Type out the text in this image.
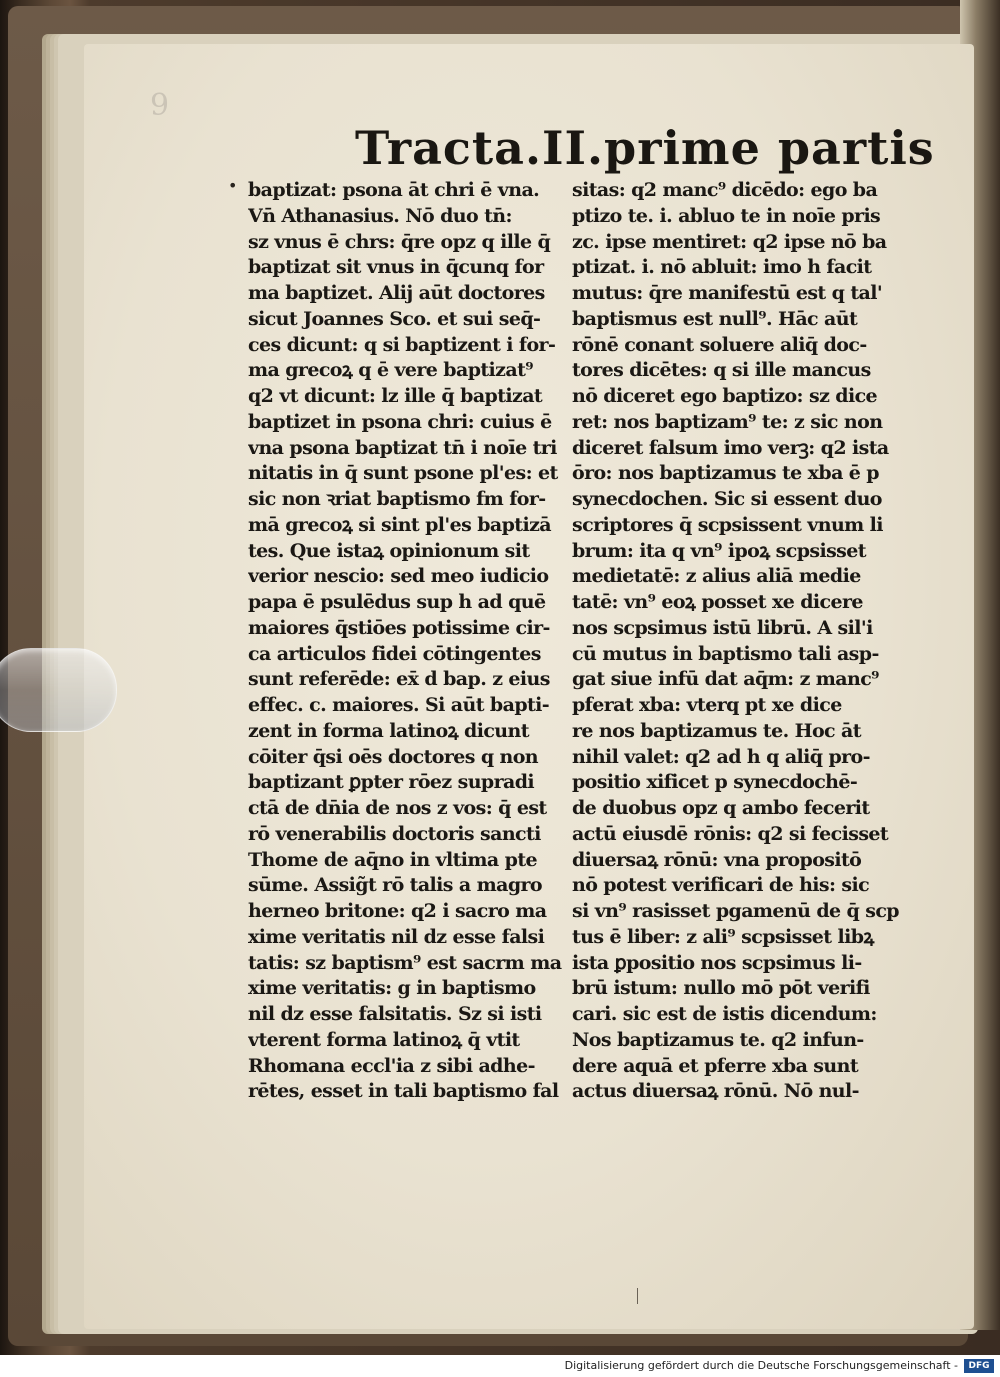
9
Tracta.II.prime partis
• baptizat: psona āt chri ē vna.
Vn̄ Athanasius. Nō duo tn̄:
sz vnus ē chrs: q̄re opz q ille q̄
baptizat sit vnus in q̄cunq for
ma baptizet. Alij aūt doctores
sicut Joannes Sco. et sui seq̄-
ces dicunt: q si baptizent i for-
ma grecoꝝ q ē vere baptizat⁹
q2 vt dicunt: lz ille q̄ baptizat
baptizet in psona chri: cuius ē
vna psona baptizat tn̄ i noīe tri
nitatis in q̄ sunt psone pl'es: et
sic non ꝛriat baptismo fm for-
mā grecoꝝ si sint pl'es baptizā
tes. Que istaꝝ opinionum sit
verior nescio: sed meo iudicio
papa ē psulēdus sup h ad quē
maiores q̄stiōes potissime cir-
ca articulos fidei cōtingentes
sunt referēde: ex̄ d bap. z eius
effec. c. maiores. Si aūt bapti-
zent in forma latinoꝝ dicunt
cōiter q̄si oēs doctores q non
baptizant ꝑpter rōez supradi
ctā de dn̄ia de nos z vos: q̄ est
rō venerabilis doctoris sancti
Thome de aq̄no in vltima pte
sūme. Assig̃t rō talis a magro
herneo britone: q2 i sacro ma
xime veritatis nil dz esse falsi
tatis: sz baptism⁹ est sacrm ma
xime veritatis: g in baptismo
nil dz esse falsitatis. Sz si isti
vterent forma latinoꝝ q̄ vtit
Rhomana eccl'ia z sibi adhe-
rētes, esset in tali baptismo fal
sitas: q2 manc⁹ dicēdo: ego ba
ptizo te. i. abluo te in noīe pris
zc. ipse mentiret: q2 ipse nō ba
ptizat. i. nō abluit: imo h facit
mutus: q̄re manifestū est q tal'
baptismus est null⁹. Hāc aūt
rōnē conant soluere aliq̄ doc-
tores dicētes: q si ille mancus
nō diceret ego baptizo: sz dice
ret: nos baptizam⁹ te: z sic non
diceret falsum imo verꝫ: q2 ista
ōro: nos baptizamus te xba ē p
synecdochen. Sic si essent duo
scriptores q̄ scpsissent vnum li
brum: ita q vn⁹ ipoꝝ scpsisset
medietatē: z alius aliā medie
tatē: vn⁹ eoꝝ posset xe dicere
nos scpsimus istū librū. A sil'i
cū mutus in baptismo tali asp-
gat siue infū dat aq̄m: z manc⁹
pferat xba: vterq pt xe dice
re nos baptizamus te. Hoc āt
nihil valet: q2 ad h q aliq̄ pro-
positio xificet p synecdochē-
de duobus opz q ambo fecerit
actū eiusdē rōnis: q2 si fecisset
diuersaꝝ rōnū: vna propositō
nō potest verificari de his: sic
si vn⁹ rasisset pgamenū de q̄ scp
tus ē liber: z ali⁹ scpsisset libꝝ
ista ꝑpositio nos scpsimus li-
brū istum: nullo mō pōt verifi
cari. sic est de istis dicendum:
Nos baptizamus te. q2 infun-
dere aquā et pferre xba sunt
actus diuersaꝝ rōnū. Nō nul-
Digitalisierung gefördert durch die Deutsche Forschungsgemeinschaft -	DFG
